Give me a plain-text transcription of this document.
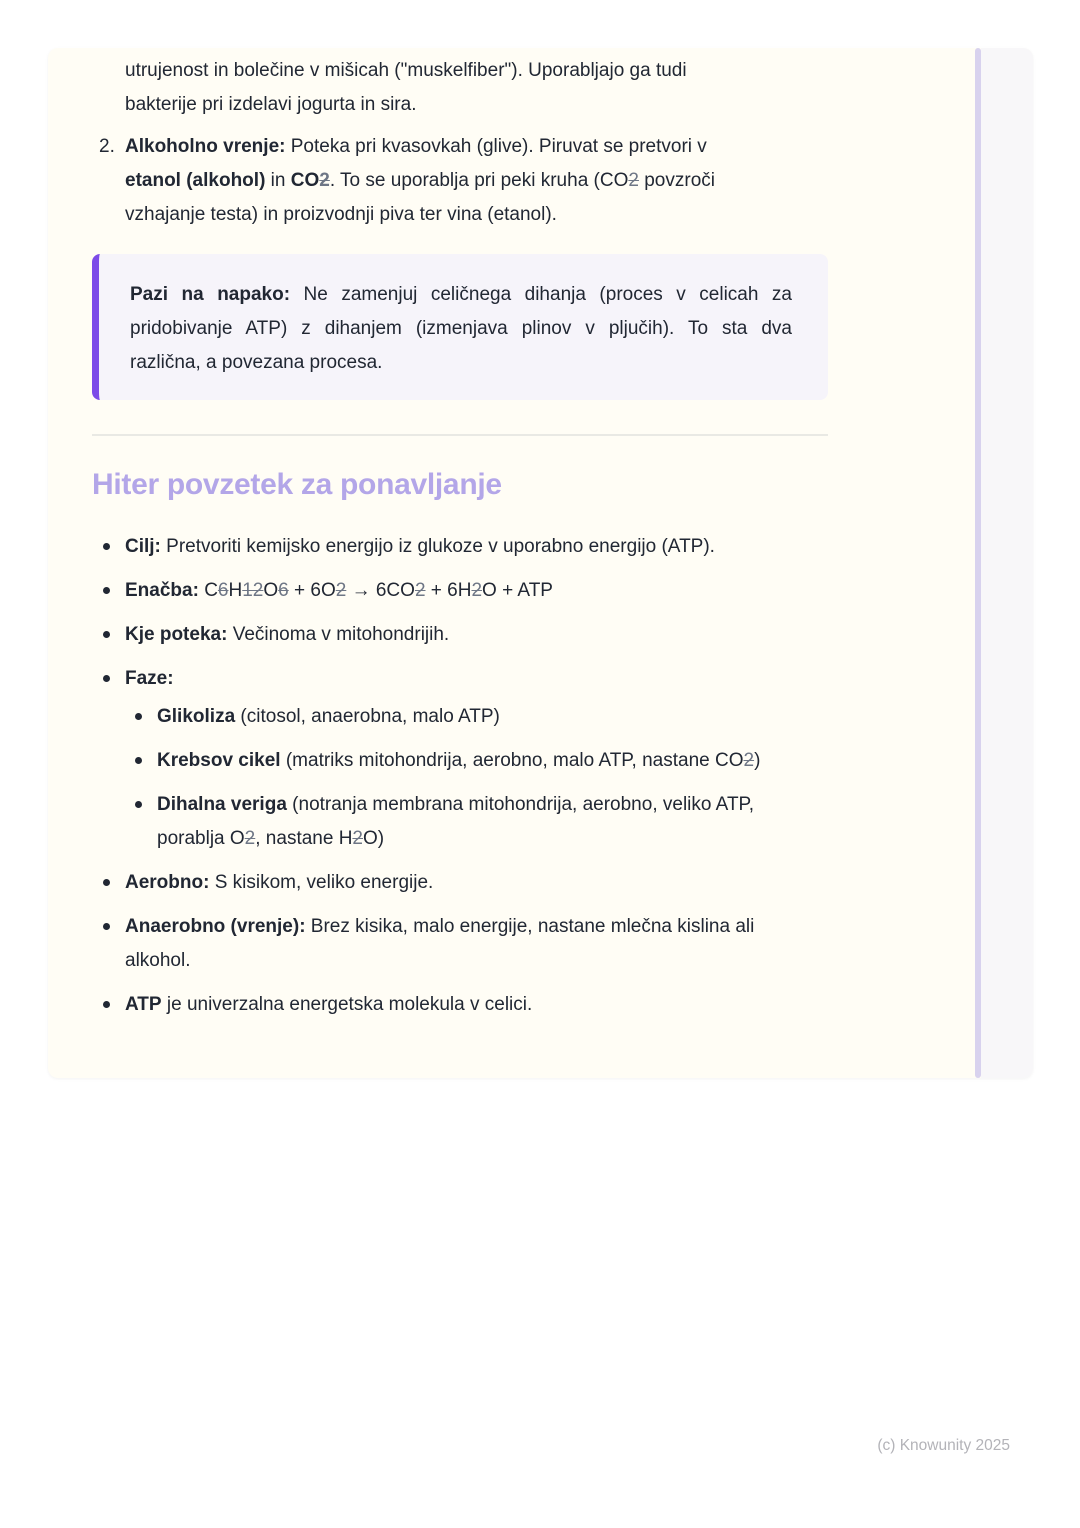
utrujenost in bolečine v mišicah ("muskelfiber"). Uporabljajo ga tudi
bakterije pri izdelavi jogurta in sira.
2. Alkoholno vrenje: Poteka pri kvasovkah (glive). Piruvat se pretvori v
etanol (alkohol) in CO2. To se uporablja pri peki kruha (CO2 povzroči
vzhajanje testa) in proizvodnji piva ter vina (etanol).
Pazi na napako: Ne zamenjuj celičnega dihanja (proces v celicah za
pridobivanje ATP) z dihanjem (izmenjava plinov v pljučih). To sta dva
različna, a povezana procesa.
Hiter povzetek za ponavljanje
Cilj: Pretvoriti kemijsko energijo iz glukoze v uporabno energijo (ATP).
Enačba: C6H12O6 + 6O2 → 6CO2 + 6H2O + ATP
Kje poteka: Večinoma v mitohondrijih.
Faze:
Glikoliza (citosol, anaerobna, malo ATP)
Krebsov cikel (matriks mitohondrija, aerobno, malo ATP, nastane CO2)
Dihalna veriga (notranja membrana mitohondrija, aerobno, veliko ATP,
porablja O2, nastane H2O)
Aerobno: S kisikom, veliko energije.
Anaerobno (vrenje): Brez kisika, malo energije, nastane mlečna kislina ali
alkohol.
ATP je univerzalna energetska molekula v celici.
(c) Knowunity 2025
